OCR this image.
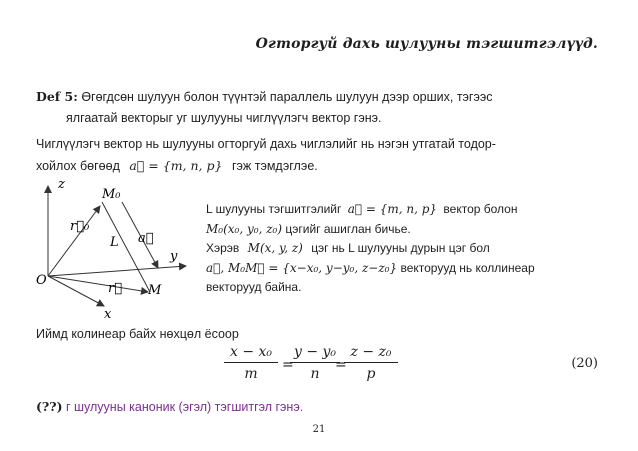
Огторгуй дахь шулууны тэгшитгэлүүд.
Def 5: Өгөгдсөн шулуун болон түүнтэй параллель шулуун дээр орших, тэгээс
ялгаатай векторыг уг шулууны чиглүүлэгч вектор гэнэ.
Чиглүүлэгч вектор нь шулууны огторгуй дахь чиглэлийг нь нэгэн утгатай тодор-
хойлох бөгөөд a⃗ = {m, n, p} гэж тэмдэглэе.
z
M₀
r⃗₀
L a⃗
y
O
r⃗ M
x
L шулууны тэгшитгэлийг a⃗ = {m, n, p} вектор болон
M₀(x₀, y₀, z₀) цэгийг ашиглан бичье.
Хэрэв M(x, y, z) цэг нь L шулууны дурын цэг бол
a⃗, M₀M⃗ = {x−x₀, y−y₀, z−z₀} векторууд нь коллинеар
векторууд байна.
Иймд колинеар байх нөхцөл ёсоор
x − x₀
m
=
y − y₀
n
=
z − z₀
p
(20)
(??) г шулууны каноник (эгэл) тэгшитгэл гэнэ.
21
